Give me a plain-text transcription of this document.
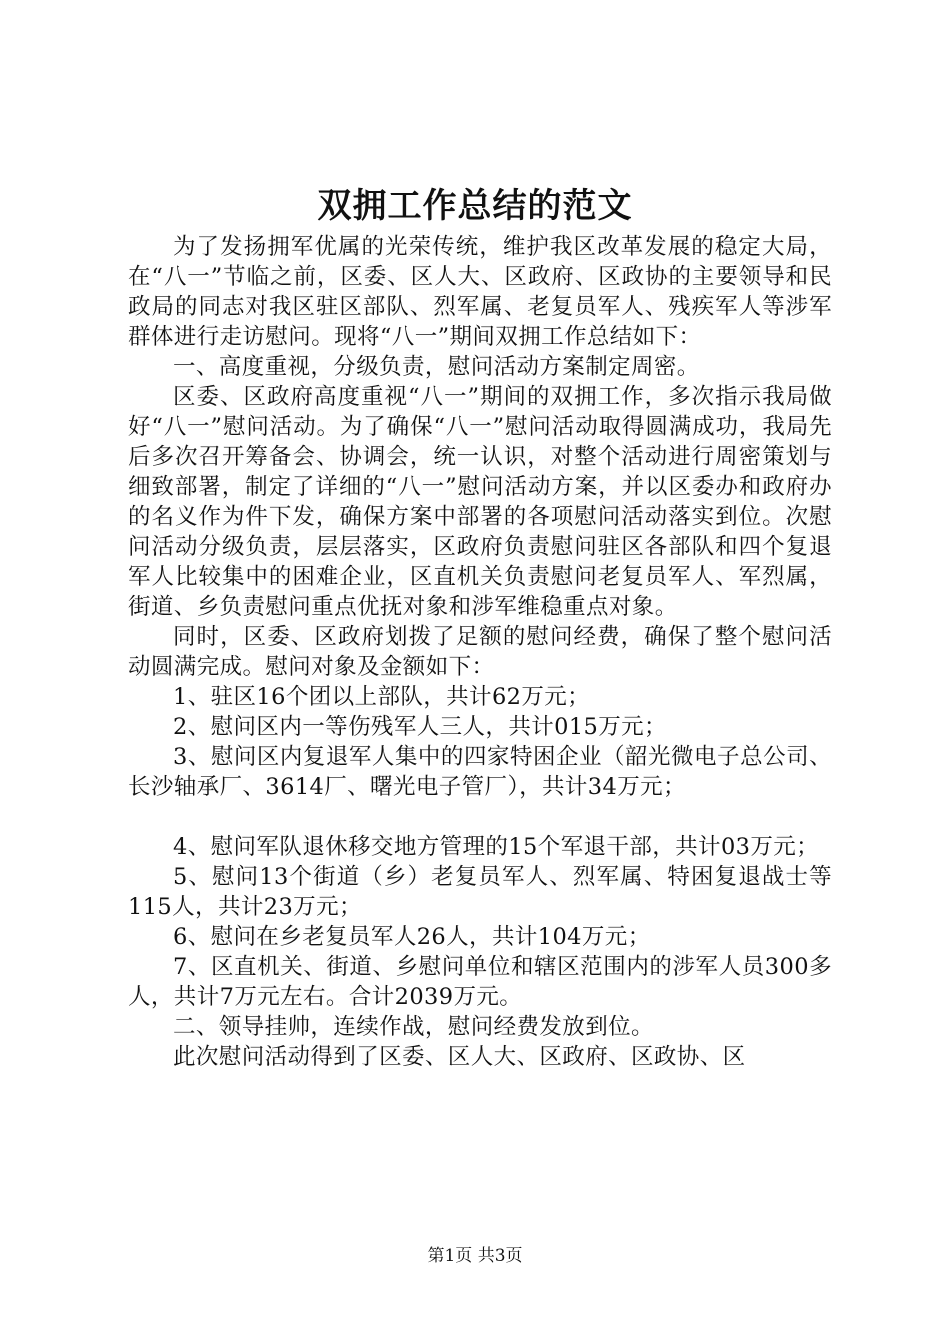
双拥工作总结的范文

为了发扬拥军优属的光荣传统，维护我区改革发展的稳定大局，在“八一”节临之前，区委、区人大、区政府、区政协的主要领导和民政局的同志对我区驻区部队、烈军属、老复员军人、残疾军人等涉军群体进行走访慰问。现将“八一”期间双拥工作总结如下：

一、高度重视，分级负责，慰问活动方案制定周密。

区委、区政府高度重视“八一”期间的双拥工作，多次指示我局做好“八一”慰问活动。为了确保“八一”慰问活动取得圆满成功，我局先后多次召开筹备会、协调会，统一认识，对整个活动进行周密策划与细致部署，制定了详细的“八一”慰问活动方案，并以区委办和政府办的名义作为件下发，确保方案中部署的各项慰问活动落实到位。次慰问活动分级负责，层层落实，区政府负责慰问驻区各部队和四个复退军人比较集中的困难企业，区直机关负责慰问老复员军人、军烈属，街道、乡负责慰问重点优抚对象和涉军维稳重点对象。

同时，区委、区政府划拨了足额的慰问经费，确保了整个慰问活动圆满完成。慰问对象及金额如下：

1、驻区16个团以上部队，共计62万元；

2、慰问区内一等伤残军人三人，共计015万元；

3、慰问区内复退军人集中的四家特困企业（韶光微电子总公司、长沙轴承厂、3614厂、曙光电子管厂），共计34万元；

4、慰问军队退休移交地方管理的15个军退干部，共计03万元；

5、慰问13个街道（乡）老复员军人、烈军属、特困复退战士等115人，共计23万元；

6、慰问在乡老复员军人26人，共计104万元；

7、区直机关、街道、乡慰问单位和辖区范围内的涉军人员300多人，共计7万元左右。合计2039万元。

二、领导挂帅，连续作战，慰问经费发放到位。

此次慰问活动得到了区委、区人大、区政府、区政协、区

第1页 共3页
